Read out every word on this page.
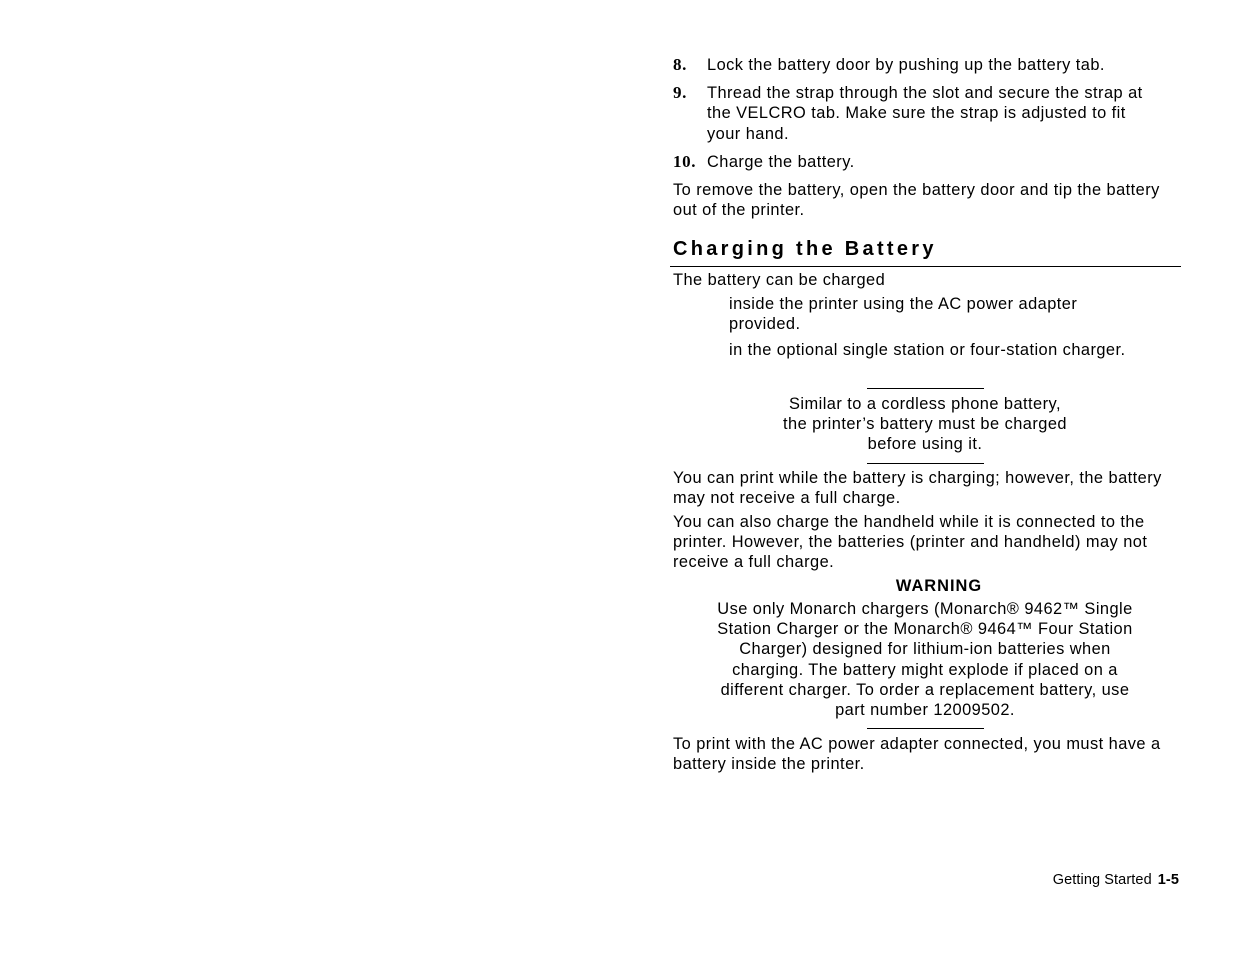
8. Lock the battery door by pushing up the battery tab.
9. Thread the strap through the slot and secure the strap at the VELCRO tab. Make sure the strap is adjusted to fit your hand.
10. Charge the battery.
To remove the battery, open the battery door and tip the battery out of the printer.
Charging the Battery
The battery can be charged
inside the printer using the AC power adapter provided.
in the optional single station or four-station charger.
Similar to a cordless phone battery,
the printer’s battery must be charged
before using it.
You can print while the battery is charging; however, the battery may not receive a full charge.
You can also charge the handheld while it is connected to the printer. However, the batteries (printer and handheld) may not receive a full charge.
WARNING
Use only Monarch chargers (Monarch® 9462™ Single
Station Charger or the Monarch® 9464™ Four Station
Charger) designed for lithium-ion batteries when
charging. The battery might explode if placed on a
different charger. To order a replacement battery, use
part number 12009502.
To print with the AC power adapter connected, you must have a battery inside the printer.
Getting Started 1-5
